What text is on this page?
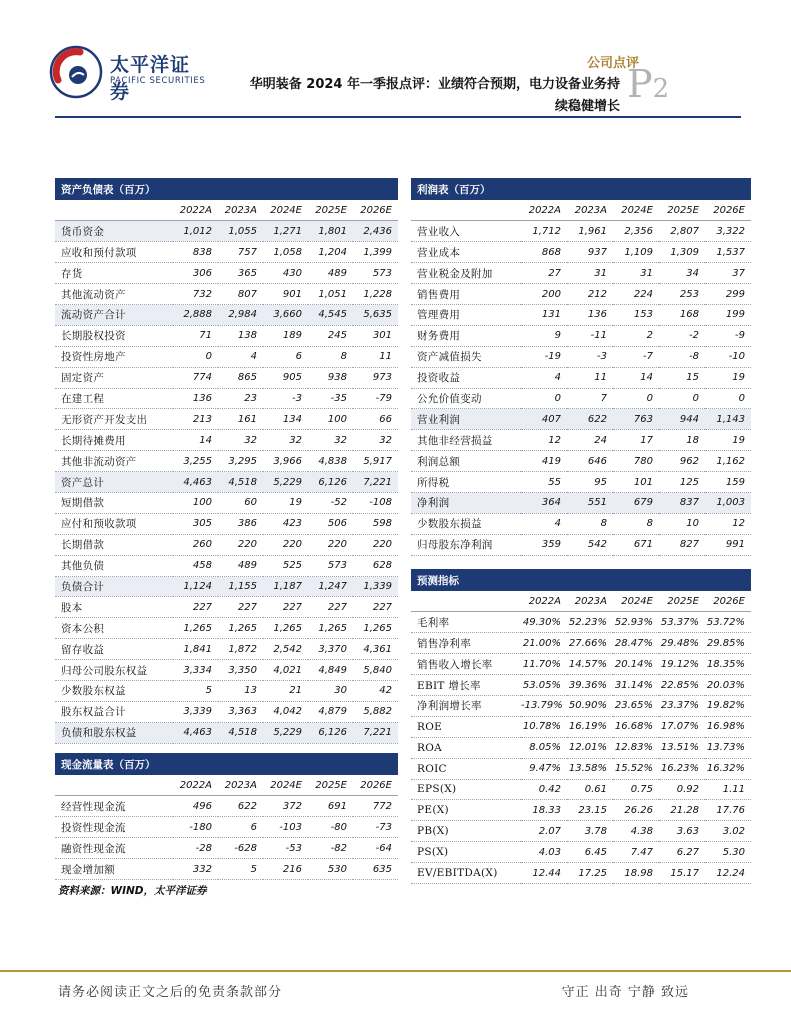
太平洋证券
PACIFIC SECURITIES
公司点评
华明装备 2024 年一季报点评：业绩符合预期，电力设备业务持
续稳健增长
P2
资产负债表（百万）					
	2022A	2023A	2024E	2025E	2026E
货币资金	1,012	1,055	1,271	1,801	2,436
应收和预付款项	838	757	1,058	1,204	1,399
存货	306	365	430	489	573
其他流动资产	732	807	901	1,051	1,228
流动资产合计	2,888	2,984	3,660	4,545	5,635
长期股权投资	71	138	189	245	301
投资性房地产	0	4	6	8	11
固定资产	774	865	905	938	973
在建工程	136	23	-3	-35	-79
无形资产开发支出	213	161	134	100	66
长期待摊费用	14	32	32	32	32
其他非流动资产	3,255	3,295	3,966	4,838	5,917
资产总计	4,463	4,518	5,229	6,126	7,221
短期借款	100	60	19	-52	-108
应付和预收款项	305	386	423	506	598
长期借款	260	220	220	220	220
其他负债	458	489	525	573	628
负债合计	1,124	1,155	1,187	1,247	1,339
股本	227	227	227	227	227
资本公积	1,265	1,265	1,265	1,265	1,265
留存收益	1,841	1,872	2,542	3,370	4,361
归母公司股东权益	3,334	3,350	4,021	4,849	5,840
少数股东权益	5	13	21	30	42
股东权益合计	3,339	3,363	4,042	4,879	5,882
负债和股东权益	4,463	4,518	5,229	6,126	7,221
现金流量表（百万）					
	2022A	2023A	2024E	2025E	2026E
经营性现金流	496	622	372	691	772
投资性现金流	-180	6	-103	-80	-73
融资性现金流	-28	-628	-53	-82	-64
现金增加额	332	5	216	530	635
利润表（百万）					
	2022A	2023A	2024E	2025E	2026E
营业收入	1,712	1,961	2,356	2,807	3,322
营业成本	868	937	1,109	1,309	1,537
营业税金及附加	27	31	31	34	37
销售费用	200	212	224	253	299
管理费用	131	136	153	168	199
财务费用	9	-11	2	-2	-9
资产减值损失	-19	-3	-7	-8	-10
投资收益	4	11	14	15	19
公允价值变动	0	7	0	0	0
营业利润	407	622	763	944	1,143
其他非经营损益	12	24	17	18	19
利润总额	419	646	780	962	1,162
所得税	55	95	101	125	159
净利润	364	551	679	837	1,003
少数股东损益	4	8	8	10	12
归母股东净利润	359	542	671	827	991
预测指标					
	2022A	2023A	2024E	2025E	2026E
毛利率	49.30%	52.23%	52.93%	53.37%	53.72%
销售净利率	21.00%	27.66%	28.47%	29.48%	29.85%
销售收入增长率	11.70%	14.57%	20.14%	19.12%	18.35%
EBIT 增长率	53.05%	39.36%	31.14%	22.85%	20.03%
净利润增长率	-13.79%	50.90%	23.65%	23.37%	19.82%
ROE	10.78%	16.19%	16.68%	17.07%	16.98%
ROA	8.05%	12.01%	12.83%	13.51%	13.73%
ROIC	9.47%	13.58%	15.52%	16.23%	16.32%
EPS(X)	0.42	0.61	0.75	0.92	1.11
PE(X)	18.33	23.15	26.26	21.28	17.76
PB(X)	2.07	3.78	4.38	3.63	3.02
PS(X)	4.03	6.45	7.47	6.27	5.30
EV/EBITDA(X)	12.44	17.25	18.98	15.17	12.24
资料来源：WIND，太平洋证券
请务必阅读正文之后的免责条款部分	守正 出奇 宁静 致远
